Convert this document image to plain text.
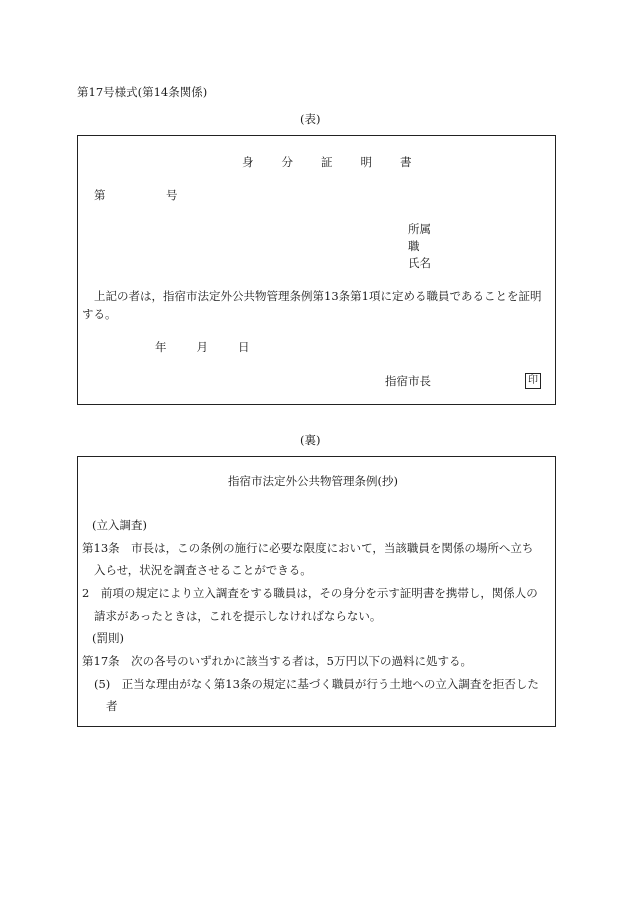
第17号様式(第14条関係)
(表)
身 分 証 明 書
第	号
所属
職
氏名
上記の者は，指宿市法定外公共物管理条例第13条第1項に定める職員であることを証明
する。
年	月	日
指宿市長	印
(裏)
指宿市法定外公共物管理条例(抄)
(立入調査)
第13条　市長は，この条例の施行に必要な限度において，当該職員を関係の場所へ立ち
入らせ，状況を調査させることができる。
2　前項の規定により立入調査をする職員は，その身分を示す証明書を携帯し，関係人の
請求があったときは，これを提示しなければならない。
(罰則)
第17条　次の各号のいずれかに該当する者は，5万円以下の過料に処する。
(5)　正当な理由がなく第13条の規定に基づく職員が行う土地への立入調査を拒否した
者
